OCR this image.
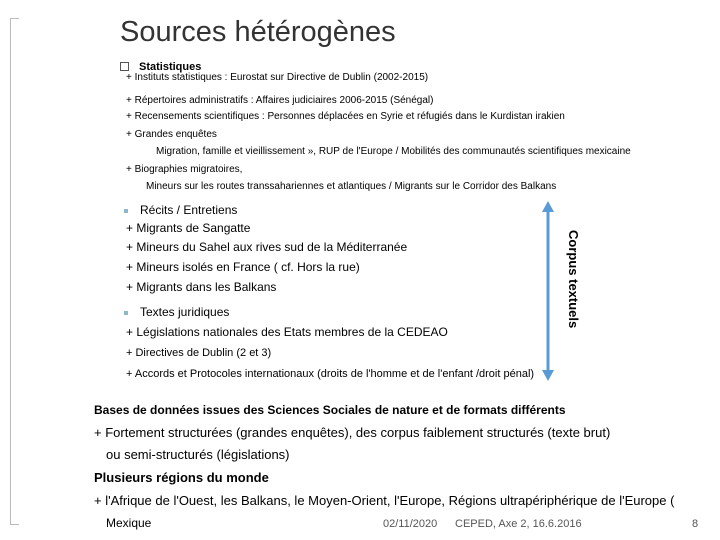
Sources hétérogènes
Statistiques
+ Instituts statistiques : Eurostat sur Directive de Dublin (2002-2015)
+ Répertoires administratifs : Affaires judiciaires 2006-2015 (Sénégal)
+ Recensements scientifiques : Personnes déplacées en Syrie et réfugiés dans le Kurdistan irakien
+ Grandes enquêtes
Migration, famille et vieillissement », RUP de l'Europe / Mobilités des communautés scientifiques mexicaine
+ Biographies migratoires,
Mineurs sur les routes transsahariennes et atlantiques / Migrants sur le Corridor des Balkans
Récits / Entretiens
+ Migrants de Sangatte
+ Mineurs du Sahel aux rives sud de la Méditerranée
+ Mineurs isolés en France ( cf. Hors la rue)
+ Migrants dans les Balkans
Textes juridiques
+ Législations nationales des Etats membres de la CEDEAO
+ Directives de Dublin (2 et 3)
+ Accords et Protocoles internationaux (droits de l'homme et de l'enfant /droit pénal)
Corpus textuels
Bases de données issues des Sciences Sociales de nature et de formats différents
+ Fortement structurées (grandes enquêtes), des corpus faiblement structurés (texte brut)
ou semi-structurés (législations)
Plusieurs régions du monde
+ l'Afrique de l'Ouest, les Balkans, le Moyen-Orient, l'Europe, Régions ultrapériphérique de l'Europe (
Mexique	02/11/2020 CEPED, Axe 2, 16.6.2016	8
